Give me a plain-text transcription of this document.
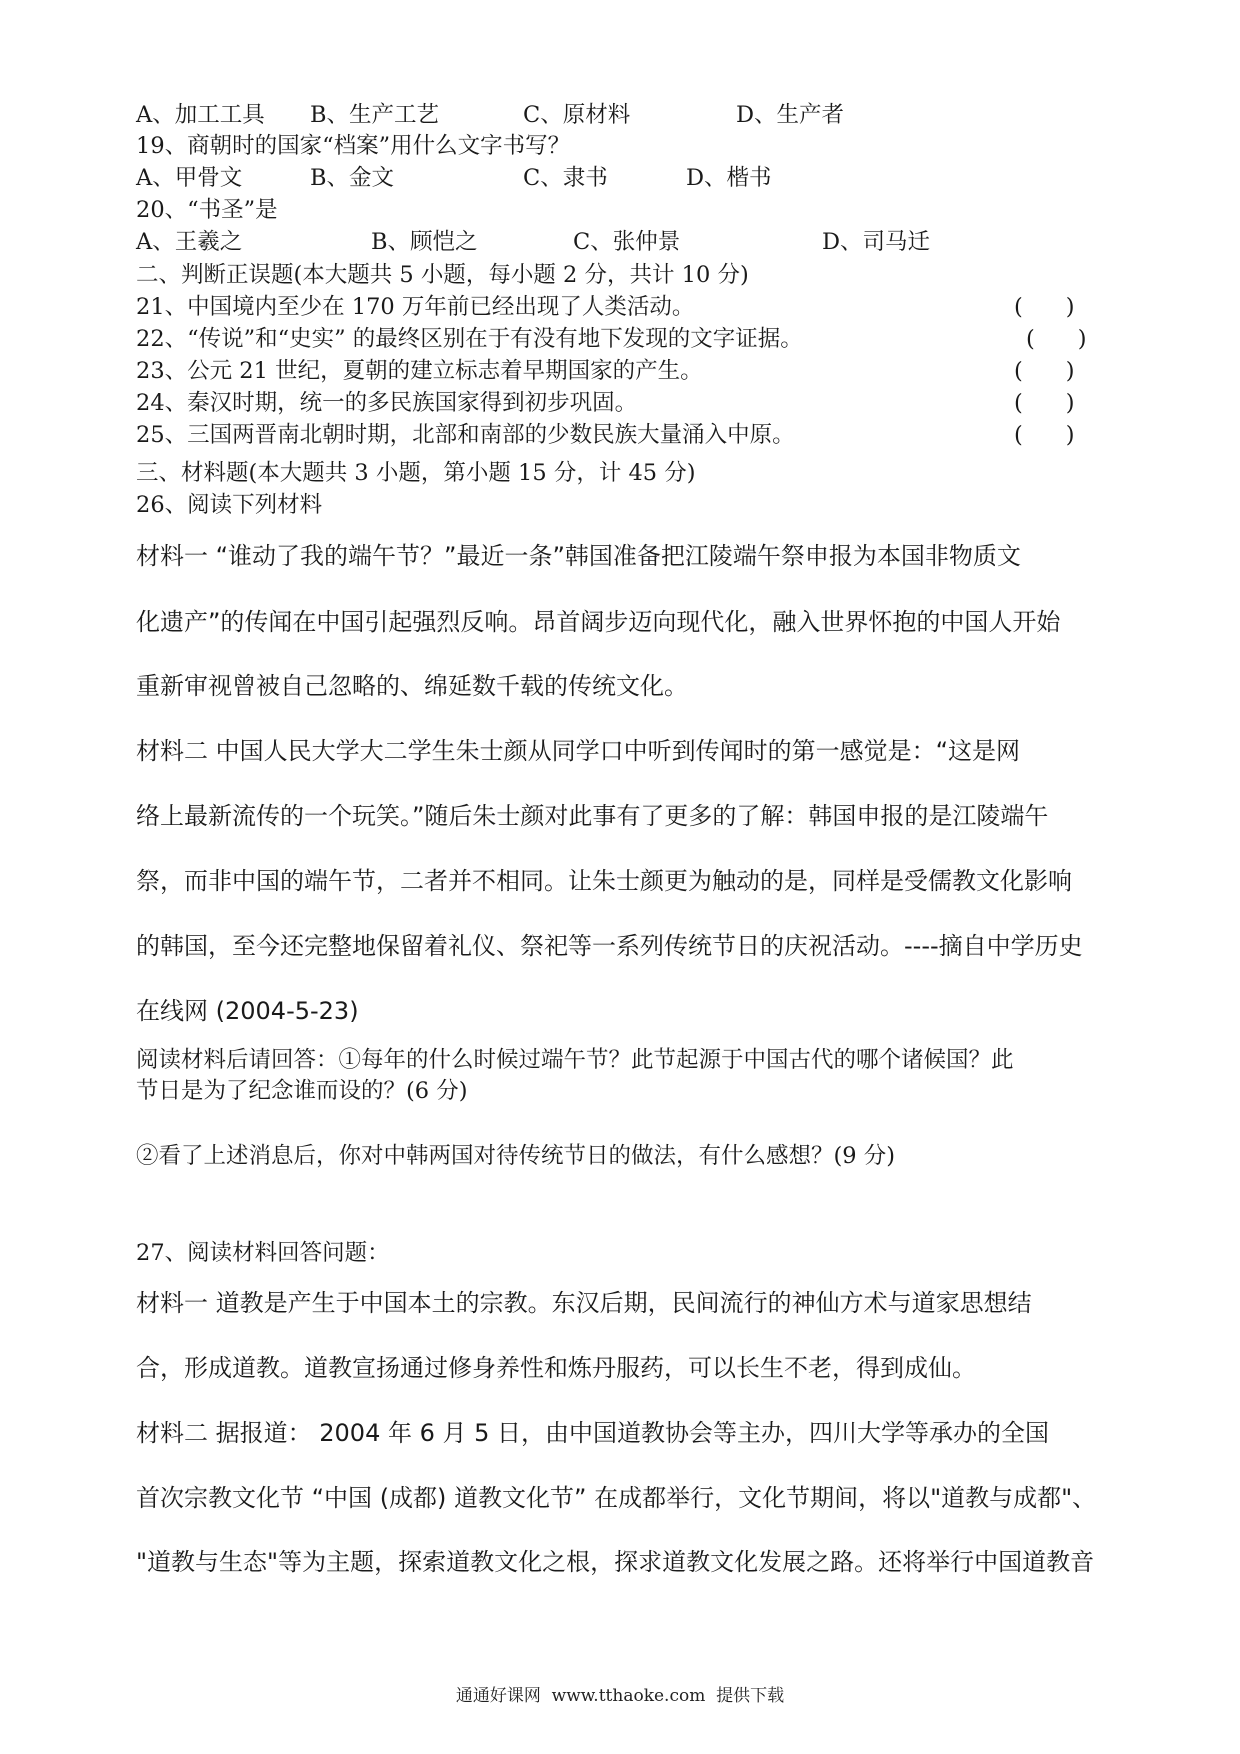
A、加工工具 B、生产工艺	C、原材料	D、生产者
19、商朝时的国家“档案”用什么文字书写？
A、甲骨文	B、金文	C、隶书	D、楷书
20、“书圣”是
A、王羲之	B、顾恺之	C、张仲景	D、司马迁
二、判断正误题(本大题共 5 小题，每小题 2 分，共计 10 分)
21、中国境内至少在 170 万年前已经出现了人类活动。	(      )
22、“传说”和“史实” 的最终区别在于有没有地下发现的文字证据。	(      )
23、公元 21 世纪，夏朝的建立标志着早期国家的产生。	(      )
24、秦汉时期，统一的多民族国家得到初步巩固。	(      )
25、三国两晋南北朝时期，北部和南部的少数民族大量涌入中原。	(      )
三、材料题(本大题共 3 小题，第小题 15 分，计 45 分)
26、阅读下列材料
材料一 “谁动了我的端午节？”最近一条”韩国准备把江陵端午祭申报为本国非物质文
化遗产”的传闻在中国引起强烈反响。昂首阔步迈向现代化，融入世界怀抱的中国人开始
重新审视曾被自己忽略的、绵延数千载的传统文化。
材料二 中国人民大学大二学生朱士颜从同学口中听到传闻时的第一感觉是：“这是网
络上最新流传的一个玩笑。”随后朱士颜对此事有了更多的了解：韩国申报的是江陵端午
祭，而非中国的端午节，二者并不相同。让朱士颜更为触动的是，同样是受儒教文化影响
的韩国，至今还完整地保留着礼仪、祭祀等一系列传统节日的庆祝活动。----摘自中学历史
在线网 (2004-5-23)
阅读材料后请回答：①每年的什么时候过端午节？此节起源于中国古代的哪个诸候国？此
节日是为了纪念谁而设的？(6 分)
②看了上述消息后，你对中韩两国对待传统节日的做法，有什么感想？(9 分)
27、阅读材料回答问题：
材料一 道教是产生于中国本土的宗教。东汉后期，民间流行的神仙方术与道家思想结
合，形成道教。道教宣扬通过修身养性和炼丹服药，可以长生不老，得到成仙。
材料二 据报道： 2004 年 6 月 5 日，由中国道教协会等主办，四川大学等承办的全国
首次宗教文化节 “中国 (成都) 道教文化节” 在成都举行，文化节期间，将以"道教与成都"、
"道教与生态"等为主题，探索道教文化之根，探求道教文化发展之路。还将举行中国道教音
通通好课网  www.tthaoke.com  提供下载
